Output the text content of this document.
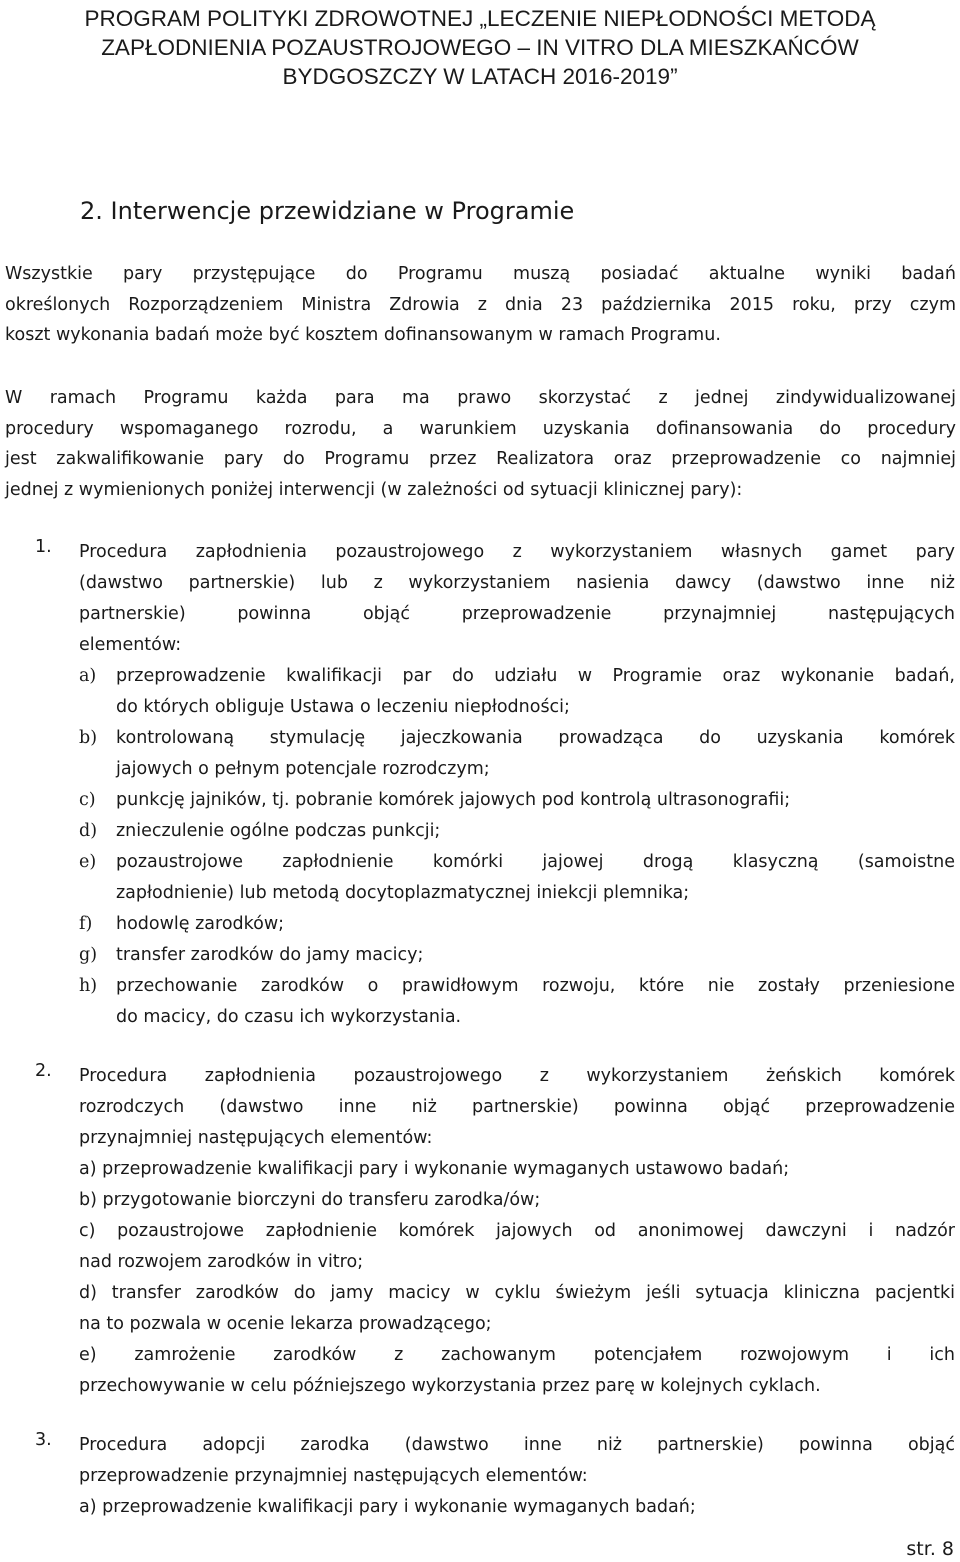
PROGRAM POLITYKI ZDROWOTNEJ „LECZENIE NIEPŁODNOŚCI METODĄ
ZAPŁODNIENIA POZAUSTROJOWEGO – IN VITRO DLA MIESZKAŃCÓW
BYDGOSZCZY W LATACH 2016-2019”
2. Interwencje przewidziane w Programie
Wszystkie pary przystępujące do Programu muszą posiadać aktualne wyniki badań
określonych Rozporządzeniem Ministra Zdrowia z dnia 23 października 2015 roku, przy czym
koszt wykonania badań może być kosztem dofinansowanym w ramach Programu.
W ramach Programu każda para ma prawo skorzystać z jednej zindywidualizowanej
procedury wspomaganego rozrodu, a warunkiem uzyskania dofinansowania do procedury
jest zakwalifikowanie pary do Programu przez Realizatora oraz przeprowadzenie co najmniej
jednej z wymienionych poniżej interwencji (w zależności od sytuacji klinicznej pary):
1. Procedura zapłodnienia pozaustrojowego z wykorzystaniem własnych gamet pary
(dawstwo partnerskie) lub z wykorzystaniem nasienia dawcy (dawstwo inne niż
partnerskie) powinna objąć przeprowadzenie przynajmniej następujących
elementów:
a) przeprowadzenie kwalifikacji par do udziału w Programie oraz wykonanie badań,
do których obliguje Ustawa o leczeniu niepłodności;
b) kontrolowaną stymulację jajeczkowania prowadząca do uzyskania komórek
jajowych o pełnym potencjale rozrodczym;
c) punkcję jajników, tj. pobranie komórek jajowych pod kontrolą ultrasonografii;
d) znieczulenie ogólne podczas punkcji;
e) pozaustrojowe zapłodnienie komórki jajowej drogą klasyczną (samoistne
zapłodnienie) lub metodą docytoplazmatycznej iniekcji plemnika;
f) hodowlę zarodków;
g) transfer zarodków do jamy macicy;
h) przechowanie zarodków o prawidłowym rozwoju, które nie zostały przeniesione
do macicy, do czasu ich wykorzystania.
2. Procedura zapłodnienia pozaustrojowego z wykorzystaniem żeńskich komórek
rozrodczych (dawstwo inne niż partnerskie) powinna objąć przeprowadzenie
przynajmniej następujących elementów:
a) przeprowadzenie kwalifikacji pary i wykonanie wymaganych ustawowo badań;
b) przygotowanie biorczyni do transferu zarodka/ów;
c) pozaustrojowe zapłodnienie komórek jajowych od anonimowej dawczyni i nadzór
nad rozwojem zarodków in vitro;
d) transfer zarodków do jamy macicy w cyklu świeżym jeśli sytuacja kliniczna pacjentki
na to pozwala w ocenie lekarza prowadzącego;
e) zamrożenie zarodków z zachowanym potencjałem rozwojowym i ich
przechowywanie w celu późniejszego wykorzystania przez parę w kolejnych cyklach.
3. Procedura adopcji zarodka (dawstwo inne niż partnerskie) powinna objąć
przeprowadzenie przynajmniej następujących elementów:
a) przeprowadzenie kwalifikacji pary i wykonanie wymaganych badań;
str. 8
